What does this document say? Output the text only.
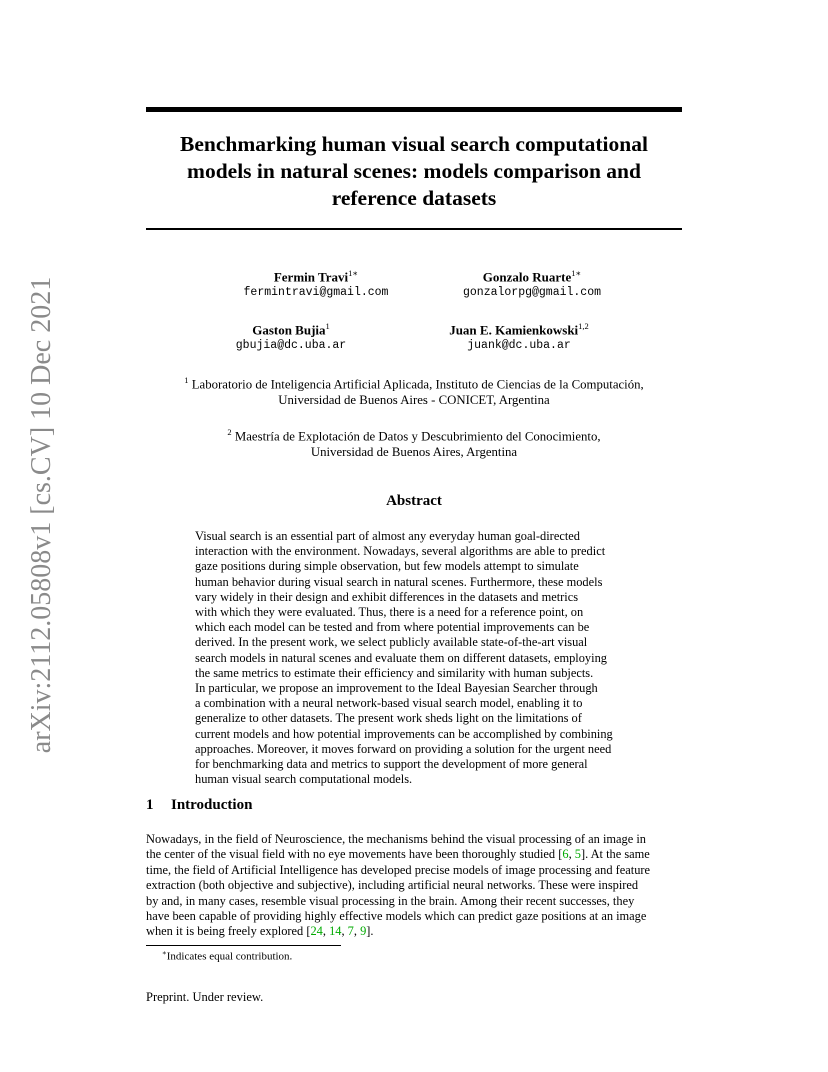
arXiv:2112.05808v1 [cs.CV] 10 Dec 2021
Benchmarking human visual search computational
models in natural scenes: models comparison and
reference datasets
Fermin Travi$^{1∗}$
fermintravi@gmail.com
Gonzalo Ruarte$^{1∗}$
gonzalorpg@gmail.com
Gaston Bujia$^1$
gbujia@dc.uba.ar
Juan E. Kamienkowski$^{1,2}$
juank@dc.uba.ar
$^1$ Laboratorio de Inteligencia Artificial Aplicada, Instituto de Ciencias de la Computación,
Universidad de Buenos Aires - CONICET, Argentina
$^2$ Maestría de Explotación de Datos y Descubrimiento del Conocimiento,
Universidad de Buenos Aires, Argentina
Abstract
Visual search is an essential part of almost any everyday human goal-directed
interaction with the environment. Nowadays, several algorithms are able to predict
gaze positions during simple observation, but few models attempt to simulate
human behavior during visual search in natural scenes. Furthermore, these models
vary widely in their design and exhibit differences in the datasets and metrics
with which they were evaluated. Thus, there is a need for a reference point, on
which each model can be tested and from where potential improvements can be
derived. In the present work, we select publicly available state-of-the-art visual
search models in natural scenes and evaluate them on different datasets, employing
the same metrics to estimate their efficiency and similarity with human subjects.
In particular, we propose an improvement to the Ideal Bayesian Searcher through
a combination with a neural network-based visual search model, enabling it to
generalize to other datasets. The present work sheds light on the limitations of
current models and how potential improvements can be accomplished by combining
approaches. Moreover, it moves forward on providing a solution for the urgent need
for benchmarking data and metrics to support the development of more general
human visual search computational models.
1 Introduction
Nowadays, in the field of Neuroscience, the mechanisms behind the visual processing of an image in
the center of the visual field with no eye movements have been thoroughly studied [6, 5]. At the same
time, the field of Artificial Intelligence has developed precise models of image processing and feature
extraction (both objective and subjective), including artificial neural networks. These were inspired
by and, in many cases, resemble visual processing in the brain. Among their recent successes, they
have been capable of providing highly effective models which can predict gaze positions at an image
when it is being freely explored [24, 14, 7, 9].
∗Indicates equal contribution.
Preprint. Under review.
